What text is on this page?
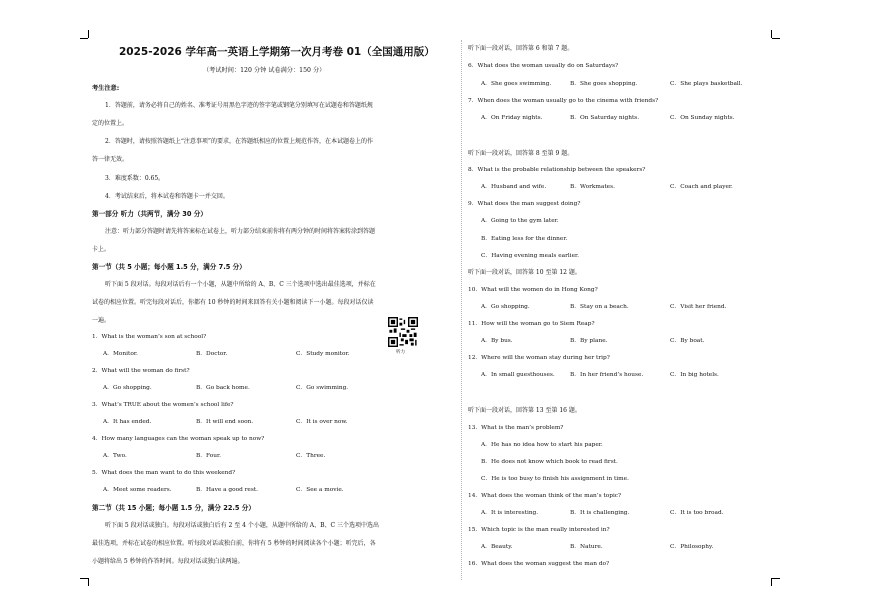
2025-2026 学年高一英语上学期第一次月考卷 01（全国通用版）
（考试时间：120 分钟 试卷满分：150 分）
考生注意:
1．答题前，请务必将自己的姓名、准考证号用黑色字迹的签字笔或钢笔分别填写在试题卷和答题纸规
定的位置上。
2．答题时，请按照答题纸上“注意事项”的要求，在答题纸相应的位置上规范作答，在本试题卷上的作
答一律无效。
3．难度系数：0.65。
4．考试结束后，将本试卷和答题卡一并交回。
第一部分 听力（共两节，满分 30 分）
注意：听力部分答题时请先将答案标在试卷上，听力部分结束前你将有两分钟的时间将答案转涂到答题
卡上。
第一节（共 5 小题；每小题 1.5 分，满分 7.5 分）
听下面 5 段对话。每段对话后有一个小题，从题中所给的 A、B、C 三个选项中选出最佳选项，并标在
试卷的相应位置。听完每段对话后，你都有 10 秒钟的时间来回答有关小题和阅读下一小题。每段对话仅读
一遍。
听力
1．What is the woman’s son at school?
A．Monitor.	B．Doctor.	C．Study monitor.
2．What will the woman do first?
A．Go shopping.	B．Go back home.	C．Go swimming.
3．What’s TRUE about the women’s school life?
A．It has ended.	B．It will end soon.	C．It is over now.
4．How many languages can the woman speak up to now?
A．Two.	B．Four.	C．Three.
5．What does the man want to do this weekend?
A．Meet some readers.	B．Have a good rest.	C．See a movie.
第二节（共 15 小题；每小题 1.5 分，满分 22.5 分）
听下面 5 段对话或独白。每段对话或独白后有 2 至 4 个小题，从题中所给的 A、B、C 三个选项中选出
最佳选项，并标在试卷的相应位置。听每段对话或独白前，你将有 5 秒钟的时间阅读各个小题；听完后，各
小题将给出 5 秒钟的作答时间。每段对话或独白读两遍。
听下面一段对话，回答第 6 和第 7 题。
6．What does the woman usually do on Saturdays?
A．She goes swimming.	B．She goes shopping.	C．She plays basketball.
7．When does the woman usually go to the cinema with friends?
A．On Friday nights.	B．On Saturday nights.	C．On Sunday nights.
听下面一段对话，回答第 8 至第 9 题。
8．What is the probable relationship between the speakers?
A．Husband and wife.	B．Workmates.	C．Coach and player.
9．What does the man suggest doing?
A．Going to the gym later.
B．Eating less for the dinner.
C．Having evening meals earlier.
听下面一段对话，回答第 10 至第 12 题。
10．What will the women do in Hong Kong?
A．Go shopping.	B．Stay on a beach.	C．Visit her friend.
11．How will the woman go to Siem Reap?
A．By bus.	B．By plane.	C．By boat.
12．Where will the woman stay during her trip?
A．In small guesthouses.	B．In her friend’s house.	C．In big hotels.
听下面一段对话，回答第 13 至第 16 题。
13．What is the man’s problem?
A．He has no idea how to start his paper.
B．He does not know which book to read first.
C．He is too busy to finish his assignment in time.
14．What does the woman think of the man’s topic?
A．It is interesting.	B．It is challenging.	C．It is too broad.
15．Which topic is the man really interested in?
A．Beauty.	B．Nature.	C．Philosophy.
16．What does the woman suggest the man do?
